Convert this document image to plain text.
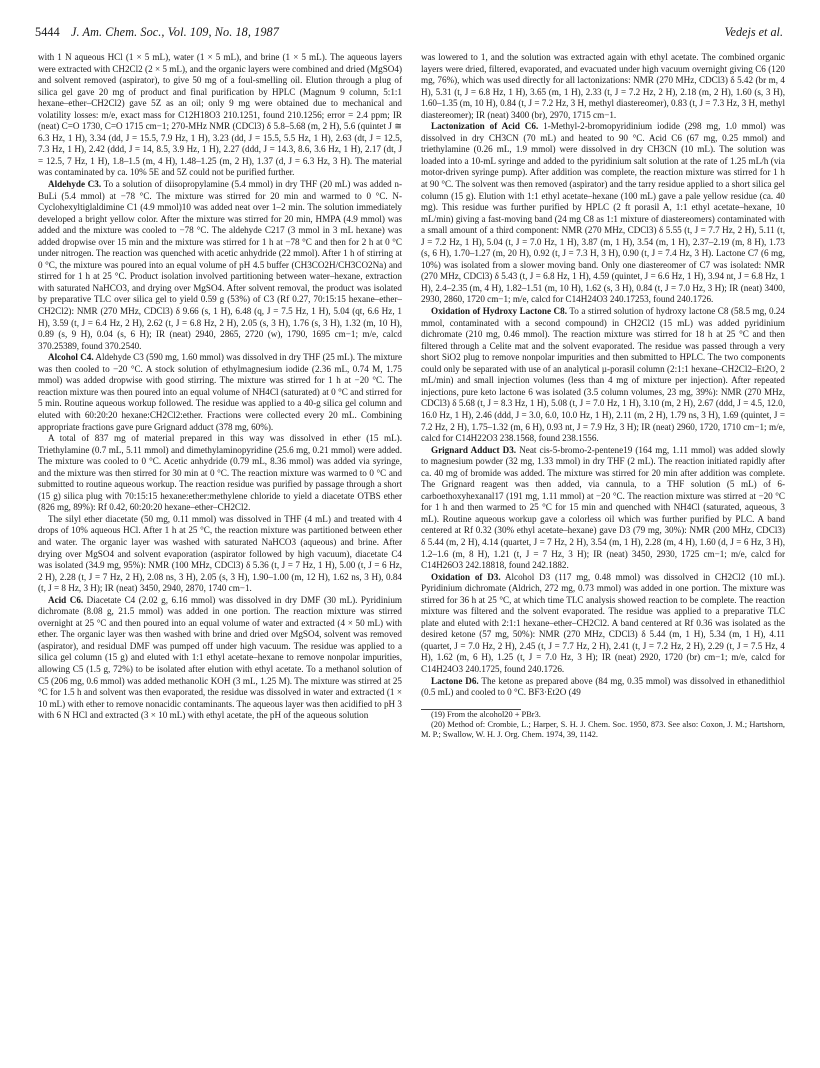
5444 J. Am. Chem. Soc., Vol. 109, No. 18, 1987	Vedejs et al.

with 1 N aqueous HCl (1 × 5 mL), water (1 × 5 mL), and brine (1 × 5 mL). The aqueous layers were extracted with CH2Cl2 (2 × 5 mL), and the organic layers were combined and dried (MgSO4) and solvent removed (aspirator), to give 50 mg of a foul-smelling oil. Elution through a plug of silica gel gave 20 mg of product and final purification by HPLC (Magnum 9 column, 5:1:1 hexane–ether–CH2Cl2) gave 5Z as an oil; only 9 mg were obtained due to mechanical and volatility losses: m/e, exact mass for C12H18O3 210.1251, found 210.1256; error = 2.4 ppm; IR (neat) C=O 1730, C=O 1715 cm−1; 270-MHz NMR (CDCl3) δ 5.8–5.68 (m, 2 H), 5.6 (quintet J ≅ 6.3 Hz, 1 H), 3.34 (dd, J = 15.5, 7.9 Hz, 1 H), 3.23 (dd, J = 15.5, 5.5 Hz, 1 H), 2.63 (dt, J = 12.5, 7.3 Hz, 1 H), 2.42 (ddd, J = 14, 8.5, 3.9 Hz, 1 H), 2.27 (ddd, J = 14.3, 8.6, 3.6 Hz, 1 H), 2.17 (dt, J = 12.5, 7 Hz, 1 H), 1.8–1.5 (m, 4 H), 1.48–1.25 (m, 2 H), 1.37 (d, J = 6.3 Hz, 3 H). The material was contaminated by ca. 10% 5E and 5Z could not be purified further.

Aldehyde C3. To a solution of diisopropylamine (5.4 mmol) in dry THF (20 mL) was added n-BuLi (5.4 mmol) at −78 °C. The mixture was stirred for 20 min and warmed to 0 °C. N-Cyclohexyltiglaldimine C1 (4.9 mmol)10 was added neat over 1–2 min. The solution immediately developed a bright yellow color. After the mixture was stirred for 20 min, HMPA (4.9 mmol) was added and the mixture was cooled to −78 °C. The aldehyde C217 (3 mmol in 3 mL hexane) was added dropwise over 15 min and the mixture was stirred for 1 h at −78 °C and then for 2 h at 0 °C under nitrogen. The reaction was quenched with acetic anhydride (22 mmol). After 1 h of stirring at 0 °C, the mixture was poured into an equal volume of pH 4.5 buffer (CH3CO2H/CH3CO2Na) and stirred for 1 h at 25 °C. Product isolation involved partitioning between water–hexane, extraction with saturated NaHCO3, and drying over MgSO4. After solvent removal, the product was isolated by preparative TLC over silica gel to yield 0.59 g (53%) of C3 (Rf 0.27, 70:15:15 hexane–ether–CH2Cl2): NMR (270 MHz, CDCl3) δ 9.66 (s, 1 H), 6.48 (q, J = 7.5 Hz, 1 H), 5.04 (qt, 6.6 Hz, 1 H), 3.59 (t, J = 6.4 Hz, 2 H), 2.62 (t, J = 6.8 Hz, 2 H), 2.05 (s, 3 H), 1.76 (s, 3 H), 1.32 (m, 10 H), 0.89 (s, 9 H), 0.04 (s, 6 H); IR (neat) 2940, 2865, 2720 (w), 1790, 1695 cm−1; m/e, calcd 370.25389, found 370.2540.

Alcohol C4. Aldehyde C3 (590 mg, 1.60 mmol) was dissolved in dry THF (25 mL). The mixture was then cooled to −20 °C. A stock solution of ethylmagnesium iodide (2.36 mL, 0.74 M, 1.75 mmol) was added dropwise with good stirring. The mixture was stirred for 1 h at −20 °C. The reaction mixture was then poured into an equal volume of NH4Cl (saturated) at 0 °C and stirred for 5 min. Routine aqueous workup followed. The residue was applied to a 40-g silica gel column and eluted with 60:20:20 hexane:CH2Cl2:ether. Fractions were collected every 20 mL. Combining appropriate fractions gave pure Grignard adduct (378 mg, 60%).

A total of 837 mg of material prepared in this way was dissolved in ether (15 mL). Triethylamine (0.7 mL, 5.11 mmol) and dimethylaminopyridine (25.6 mg, 0.21 mmol) were added. The mixture was cooled to 0 °C. Acetic anhydride (0.79 mL, 8.36 mmol) was added via syringe, and the mixture was then stirred for 30 min at 0 °C. The reaction mixture was warmed to 0 °C and submitted to routine aqueous workup. The reaction residue was purified by passage through a short (15 g) silica plug with 70:15:15 hexane:ether:methylene chloride to yield a diacetate OTBS ether (826 mg, 89%): Rf 0.42, 60:20:20 hexane–ether–CH2Cl2.

The silyl ether diacetate (50 mg, 0.11 mmol) was dissolved in THF (4 mL) and treated with 4 drops of 10% aqueous HCl. After 1 h at 25 °C, the reaction mixture was partitioned between ether and water. The organic layer was washed with saturated NaHCO3 (aqueous) and brine. After drying over MgSO4 and solvent evaporation (aspirator followed by high vacuum), diacetate C4 was isolated (34.9 mg, 95%): NMR (100 MHz, CDCl3) δ 5.36 (t, J = 7 Hz, 1 H), 5.00 (t, J = 6 Hz, 2 H), 2.28 (t, J = 7 Hz, 2 H), 2.08 ns, 3 H), 2.05 (s, 3 H), 1.90–1.00 (m, 12 H), 1.62 ns, 3 H), 0.84 (t, J = 8 Hz, 3 H); IR (neat) 3450, 2940, 2870, 1740 cm−1.

Acid C6. Diacetate C4 (2.02 g, 6.16 mmol) was dissolved in dry DMF (30 mL). Pyridinium dichromate (8.08 g, 21.5 mmol) was added in one portion. The reaction mixture was stirred overnight at 25 °C and then poured into an equal volume of water and extracted (4 × 50 mL) with ether. The organic layer was then washed with brine and dried over MgSO4, solvent was removed (aspirator), and residual DMF was pumped off under high vacuum. The residue was applied to a silica gel column (15 g) and eluted with 1:1 ethyl acetate–hexane to remove nonpolar impurities, allowing C5 (1.5 g, 72%) to be isolated after elution with ethyl acetate. To a methanol solution of C5 (206 mg, 0.6 mmol) was added methanolic KOH (3 mL, 1.25 M). The mixture was stirred at 25 °C for 1.5 h and solvent was then evaporated, the residue was dissolved in water and extracted (1 × 10 mL) with ether to remove nonacidic contaminants. The aqueous layer was then acidified to pH 3 with 6 N HCl and extracted (3 × 10 mL) with ethyl acetate, the pH of the aqueous solution

was lowered to 1, and the solution was extracted again with ethyl acetate. The combined organic layers were dried, filtered, evaporated, and evacuated under high vacuum overnight giving C6 (120 mg, 76%), which was used directly for all lactonizations: NMR (270 MHz, CDCl3) δ 5.42 (br m, 4 H), 5.31 (t, J = 6.8 Hz, 1 H), 3.65 (m, 1 H), 2.33 (t, J = 7.2 Hz, 2 H), 2.18 (m, 2 H), 1.60 (s, 3 H), 1.60–1.35 (m, 10 H), 0.84 (t, J = 7.2 Hz, 3 H, methyl diastereomer), 0.83 (t, J = 7.3 Hz, 3 H, methyl diastereomer); IR (neat) 3400 (br), 2970, 1715 cm−1.

Lactonization of Acid C6. 1-Methyl-2-bromopyridinium iodide (298 mg, 1.0 mmol) was dissolved in dry CH3CN (70 mL) and heated to 90 °C. Acid C6 (67 mg, 0.25 mmol) and triethylamine (0.26 mL, 1.9 mmol) were dissolved in dry CH3CN (10 mL). The solution was loaded into a 10-mL syringe and added to the pyridinium salt solution at the rate of 1.25 mL/h (via motor-driven syringe pump). After addition was complete, the reaction mixture was stirred for 1 h at 90 °C. The solvent was then removed (aspirator) and the tarry residue applied to a short silica gel column (15 g). Elution with 1:1 ethyl acetate–hexane (100 mL) gave a pale yellow residue (ca. 40 mg). This residue was further purified by HPLC (2 ft porasil A, 1:1 ethyl acetate–hexane, 10 mL/min) giving a fast-moving band (24 mg C8 as 1:1 mixture of diastereomers) contaminated with a small amount of a third component: NMR (270 MHz, CDCl3) δ 5.55 (t, J = 7.7 Hz, 2 H), 5.11 (t, J = 7.2 Hz, 1 H), 5.04 (t, J = 7.0 Hz, 1 H), 3.87 (m, 1 H), 3.54 (m, 1 H), 2.37–2.19 (m, 8 H), 1.73 (s, 6 H), 1.70–1.27 (m, 20 H), 0.92 (t, J = 7.3 H, 3 H), 0.90 (t, J = 7.4 Hz, 3 H). Lactone C7 (6 mg, 10%) was isolated from a slower moving band. Only one diastereomer of C7 was isolated: NMR (270 MHz, CDCl3) δ 5.43 (t, J = 6.8 Hz, 1 H), 4.59 (quintet, J = 6.6 Hz, 1 H), 3.94 nt, J = 6.8 Hz, 1 H), 2.4–2.35 (m, 4 H), 1.82–1.51 (m, 10 H), 1.62 (s, 3 H), 0.84 (t, J = 7.0 Hz, 3 H); IR (neat) 3400, 2930, 2860, 1720 cm−1; m/e, calcd for C14H24O3 240.17253, found 240.1726.

Oxidation of Hydroxy Lactone C8. To a stirred solution of hydroxy lactone C8 (58.5 mg, 0.24 mmol, contaminated with a second compound) in CH2Cl2 (15 mL) was added pyridinium dichromate (210 mg, 0.46 mmol). The reaction mixture was stirred for 18 h at 25 °C and then filtered through a Celite mat and the solvent evaporated. The residue was passed through a very short SiO2 plug to remove nonpolar impurities and then submitted to HPLC. The two components could only be separated with use of an analytical µ-porasil column (2:1:1 hexane–CH2Cl2–Et2O, 2 mL/min) and small injection volumes (less than 4 mg of mixture per injection). After repeated injections, pure keto lactone 6 was isolated (3.5 column volumes, 23 mg, 39%): NMR (270 MHz, CDCl3) δ 5.68 (t, J = 8.3 Hz, 1 H), 5.08 (t, J = 7.0 Hz, 1 H), 3.10 (m, 2 H), 2.67 (ddd, J = 4.5, 12.0, 16.0 Hz, 1 H), 2.46 (ddd, J = 3.0, 6.0, 10.0 Hz, 1 H), 2.11 (m, 2 H), 1.79 ns, 3 H), 1.69 (quintet, J = 7.2 Hz, 2 H), 1.75–1.32 (m, 6 H), 0.93 nt, J = 7.9 Hz, 3 H); IR (neat) 2960, 1720, 1710 cm−1; m/e, calcd for C14H22O3 238.1568, found 238.1556.

Grignard Adduct D3. Neat cis-5-bromo-2-pentene19 (164 mg, 1.11 mmol) was added slowly to magnesium powder (32 mg, 1.33 mmol) in dry THF (2 mL). The reaction initiated rapidly after ca. 40 mg of bromide was added. The mixture was stirred for 20 min after addition was complete. The Grignard reagent was then added, via cannula, to a THF solution (5 mL) of 6-carboethoxyhexanal17 (191 mg, 1.11 mmol) at −20 °C. The reaction mixture was stirred at −20 °C for 1 h and then warmed to 25 °C for 15 min and quenched with NH4Cl (saturated, aqueous, 3 mL). Routine aqueous workup gave a colorless oil which was further purified by PLC. A band centered at Rf 0.32 (30% ethyl acetate–hexane) gave D3 (79 mg, 30%): NMR (200 MHz, CDCl3) δ 5.44 (m, 2 H), 4.14 (quartet, J = 7 Hz, 2 H), 3.54 (m, 1 H), 2.28 (m, 4 H), 1.60 (d, J = 6 Hz, 3 H), 1.2–1.6 (m, 8 H), 1.21 (t, J = 7 Hz, 3 H); IR (neat) 3450, 2930, 1725 cm−1; m/e, calcd for C14H26O3 242.18818, found 242.1882.

Oxidation of D3. Alcohol D3 (117 mg, 0.48 mmol) was dissolved in CH2Cl2 (10 mL). Pyridinium dichromate (Aldrich, 272 mg, 0.73 mmol) was added in one portion. The mixture was stirred for 36 h at 25 °C, at which time TLC analysis showed reaction to be complete. The reaction mixture was filtered and the solvent evaporated. The residue was applied to a preparative TLC plate and eluted with 2:1:1 hexane–ether–CH2Cl2. A band centered at Rf 0.36 was isolated as the desired ketone (57 mg, 50%): NMR (270 MHz, CDCl3) δ 5.44 (m, 1 H), 5.34 (m, 1 H), 4.11 (quartet, J = 7.0 Hz, 2 H), 2.45 (t, J = 7.7 Hz, 2 H), 2.41 (t, J = 7.2 Hz, 2 H), 2.29 (t, J = 7.5 Hz, 4 H), 1.62 (m, 6 H), 1.25 (t, J = 7.0 Hz, 3 H); IR (neat) 2920, 1720 (br) cm−1; m/e, calcd for C14H24O3 240.1725, found 240.1726.

Lactone D6. The ketone as prepared above (84 mg, 0.35 mmol) was dissolved in ethanedithiol (0.5 mL) and cooled to 0 °C. BF3·Et2O (49

(19) From the alcohol20 + PBr3.

(20) Method of: Crombie, L.; Harper, S. H. J. Chem. Soc. 1950, 873. See also: Coxon, J. M.; Hartshorn, M. P.; Swallow, W. H. J. Org. Chem. 1974, 39, 1142.
